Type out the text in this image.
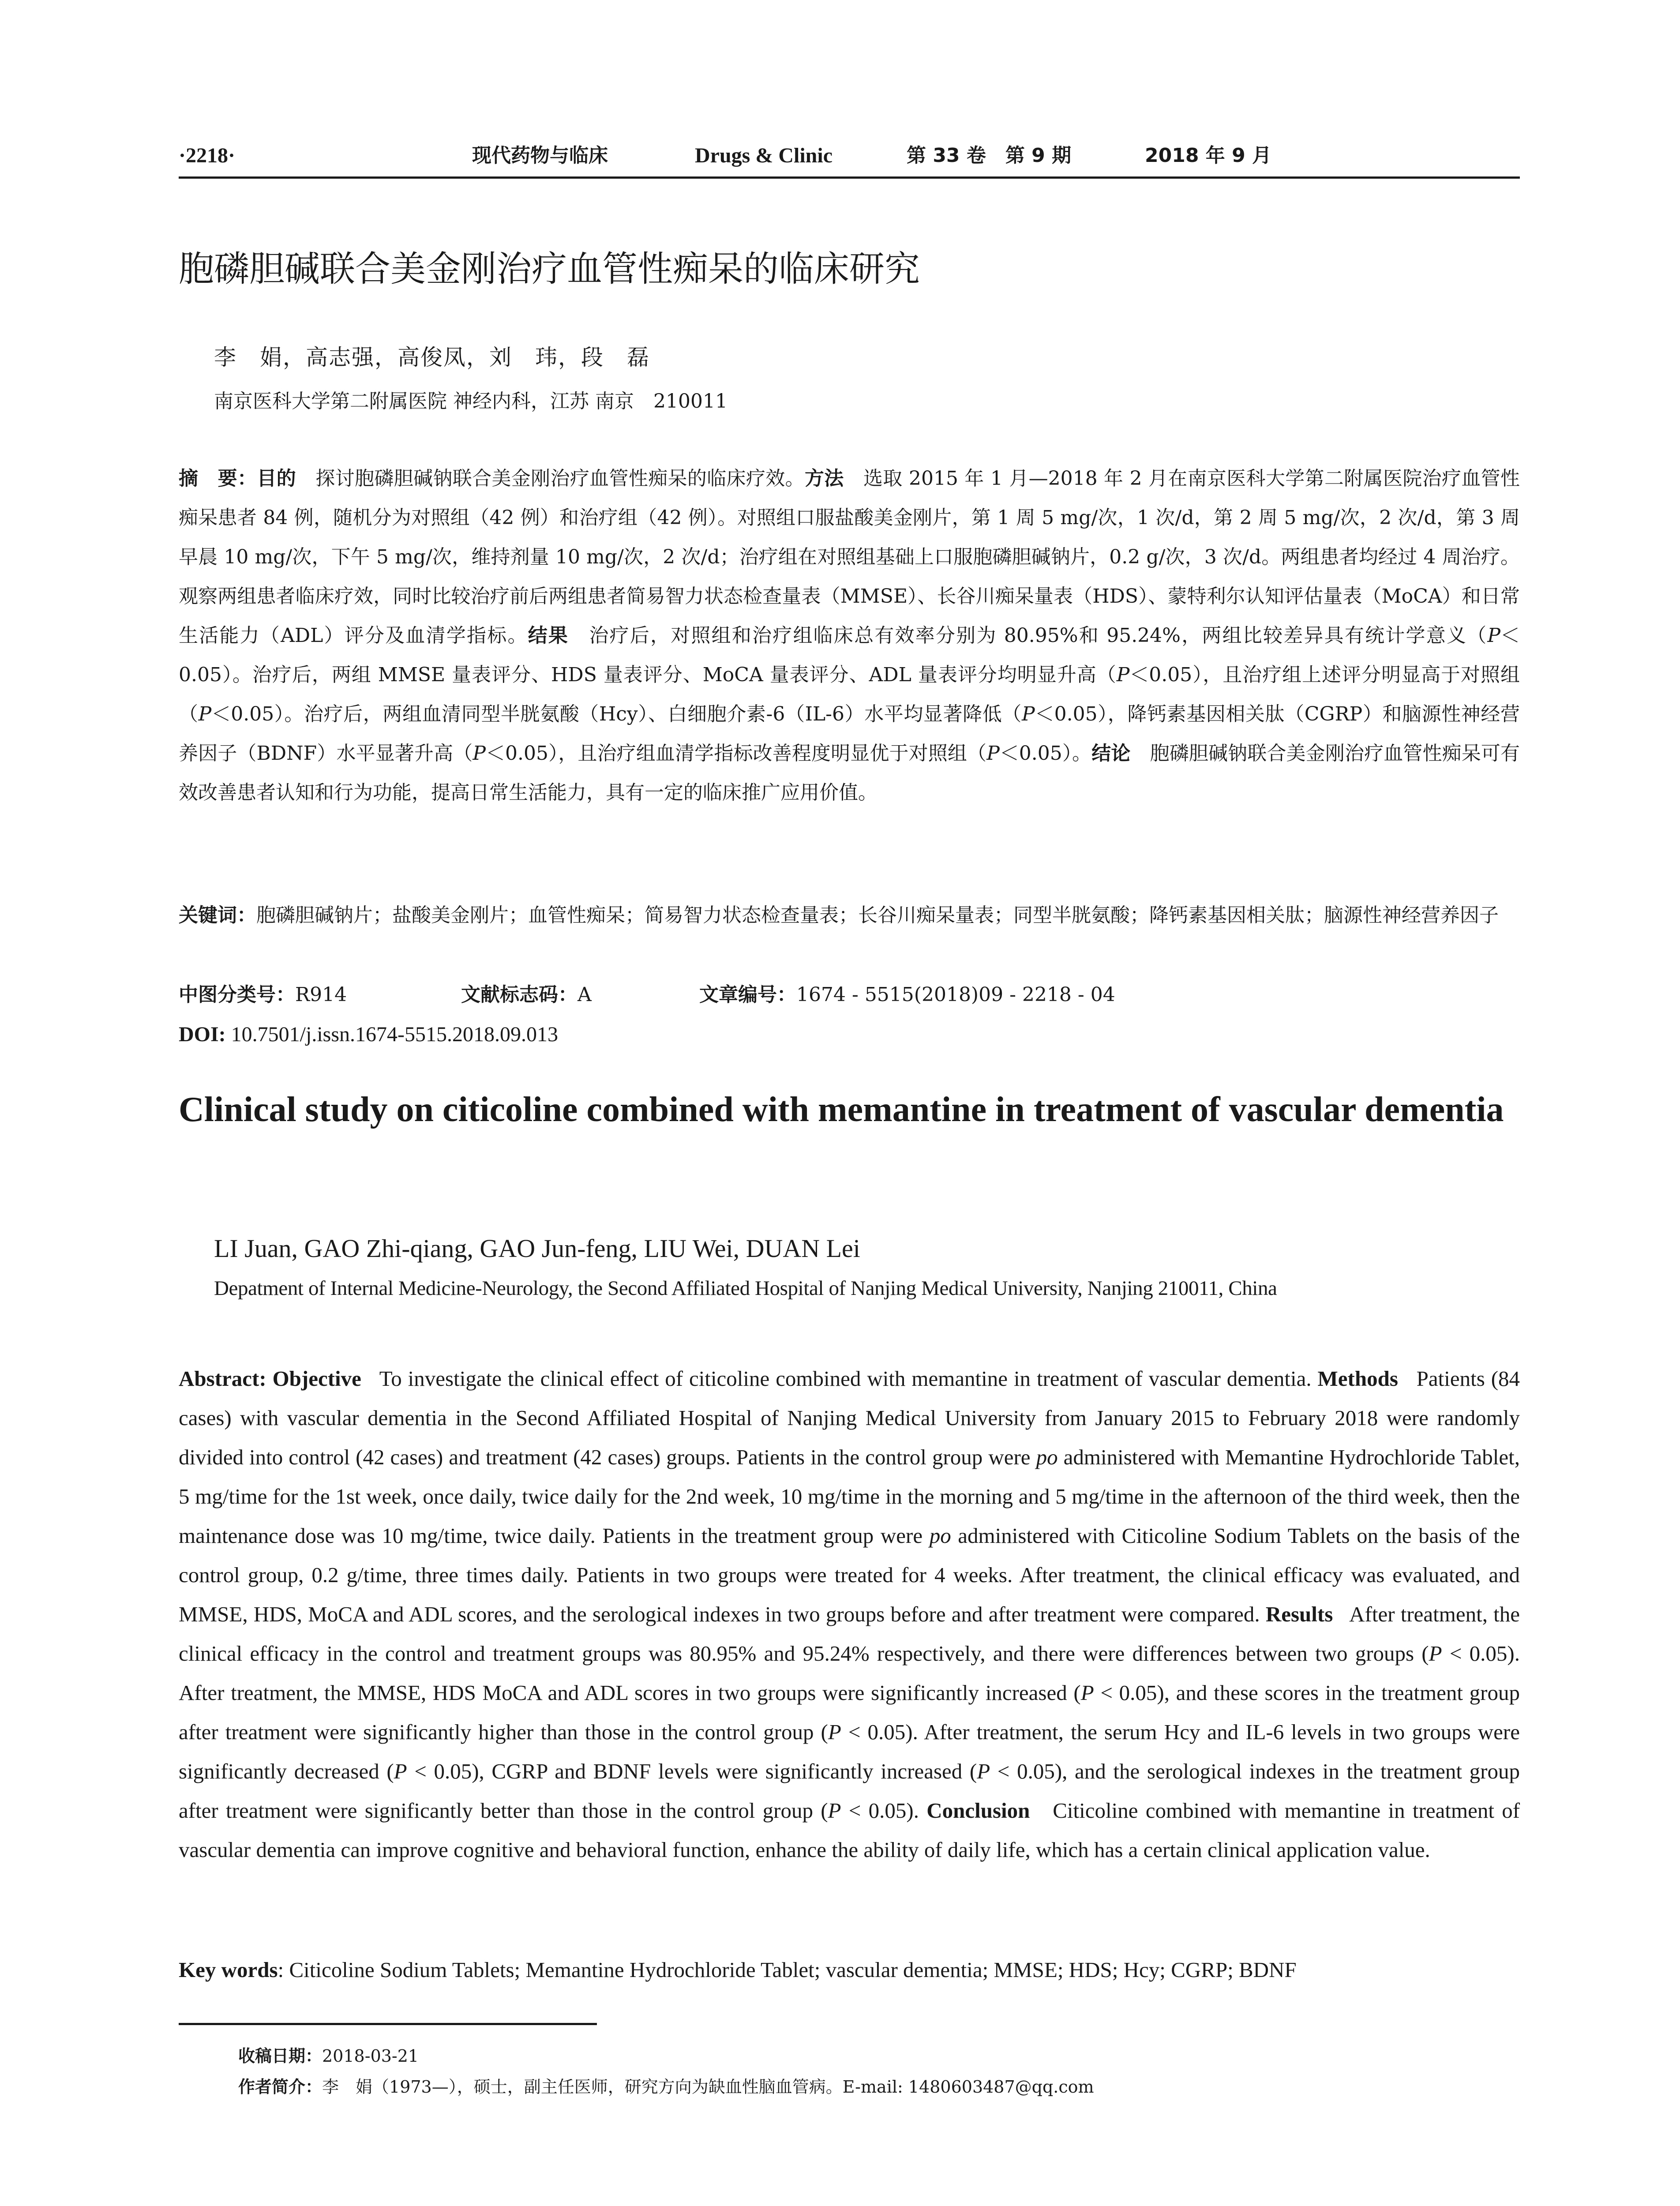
·2218·	现代药物与临床	Drugs & Clinic	第 33 卷　第 9 期	2018 年 9 月
胞磷胆碱联合美金刚治疗血管性痴呆的临床研究
李　娟，高志强，高俊凤，刘　玮，段　磊
南京医科大学第二附属医院 神经内科，江苏 南京　210011
摘　要：目的 探讨胞磷胆碱钠联合美金刚治疗血管性痴呆的临床疗效。方法 选取 2015 年 1 月—2018 年 2 月在南京医科大学第二附属医院治疗血管性痴呆患者 84 例，随机分为对照组（42 例）和治疗组（42 例）。对照组口服盐酸美金刚片，第 1 周 5 mg/次，1 次/d，第 2 周 5 mg/次，2 次/d，第 3 周早晨 10 mg/次，下午 5 mg/次，维持剂量 10 mg/次，2 次/d；治疗组在对照组基础上口服胞磷胆碱钠片，0.2 g/次，3 次/d。两组患者均经过 4 周治疗。观察两组患者临床疗效，同时比较治疗前后两组患者简易智力状态检查量表（MMSE）、长谷川痴呆量表（HDS）、蒙特利尔认知评估量表（MoCA）和日常生活能力（ADL）评分及血清学指标。结果 治疗后，对照组和治疗组临床总有效率分别为 80.95%和 95.24%，两组比较差异具有统计学意义（P＜0.05）。治疗后，两组 MMSE 量表评分、HDS 量表评分、MoCA 量表评分、ADL 量表评分均明显升高（P＜0.05），且治疗组上述评分明显高于对照组（P＜0.05）。治疗后，两组血清同型半胱氨酸（Hcy）、白细胞介素-6（IL-6）水平均显著降低（P＜0.05），降钙素基因相关肽（CGRP）和脑源性神经营养因子（BDNF）水平显著升高（P＜0.05），且治疗组血清学指标改善程度明显优于对照组（P＜0.05）。结论 胞磷胆碱钠联合美金刚治疗血管性痴呆可有效改善患者认知和行为功能，提高日常生活能力，具有一定的临床推广应用价值。
关键词：胞磷胆碱钠片；盐酸美金刚片；血管性痴呆；简易智力状态检查量表；长谷川痴呆量表；同型半胱氨酸；降钙素基因相关肽；脑源性神经营养因子
中图分类号：R914	文献标志码：A	文章编号：1674 - 5515(2018)09 - 2218 - 04
DOI: 10.7501/j.issn.1674-5515.2018.09.013
Clinical study on citicoline combined with memantine in treatment of vascular dementia
LI Juan, GAO Zhi-qiang, GAO Jun-feng, LIU Wei, DUAN Lei
Depatment of Internal Medicine-Neurology, the Second Affiliated Hospital of Nanjing Medical University, Nanjing 210011, China
Abstract: Objective To investigate the clinical effect of citicoline combined with memantine in treatment of vascular dementia. Methods Patients (84 cases) with vascular dementia in the Second Affiliated Hospital of Nanjing Medical University from January 2015 to February 2018 were randomly divided into control (42 cases) and treatment (42 cases) groups. Patients in the control group were po administered with Memantine Hydrochloride Tablet, 5 mg/time for the 1st week, once daily, twice daily for the 2nd week, 10 mg/time in the morning and 5 mg/time in the afternoon of the third week, then the maintenance dose was 10 mg/time, twice daily. Patients in the treatment group were po administered with Citicoline Sodium Tablets on the basis of the control group, 0.2 g/time, three times daily. Patients in two groups were treated for 4 weeks. After treatment, the clinical efficacy was evaluated, and MMSE, HDS, MoCA and ADL scores, and the serological indexes in two groups before and after treatment were compared. Results After treatment, the clinical efficacy in the control and treatment groups was 80.95% and 95.24% respectively, and there were differences between two groups (P < 0.05). After treatment, the MMSE, HDS MoCA and ADL scores in two groups were significantly increased (P < 0.05), and these scores in the treatment group after treatment were significantly higher than those in the control group (P < 0.05). After treatment, the serum Hcy and IL-6 levels in two groups were significantly decreased (P < 0.05), CGRP and BDNF levels were significantly increased (P < 0.05), and the serological indexes in the treatment group after treatment were significantly better than those in the control group (P < 0.05). Conclusion Citicoline combined with memantine in treatment of vascular dementia can improve cognitive and behavioral function, enhance the ability of daily life, which has a certain clinical application value.
Key words: Citicoline Sodium Tablets; Memantine Hydrochloride Tablet; vascular dementia; MMSE; HDS; Hcy; CGRP; BDNF
收稿日期：2018-03-21
作者简介：李　娟（1973—），硕士，副主任医师，研究方向为缺血性脑血管病。E-mail: 1480603487@qq.com
